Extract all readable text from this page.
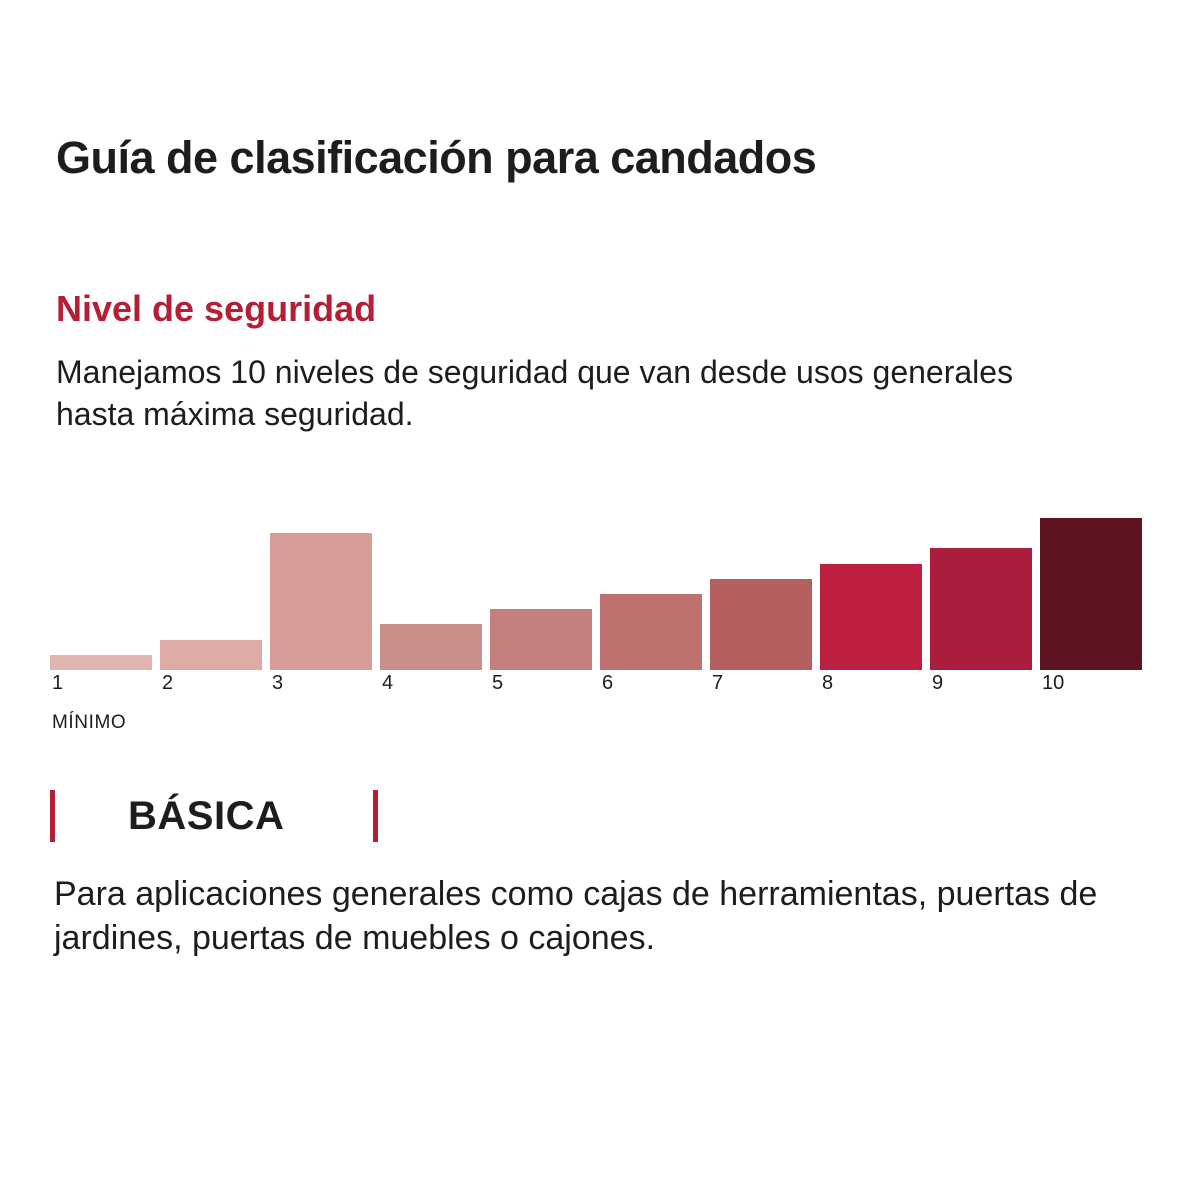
Guía de clasificación para candados
Nivel de seguridad
Manejamos 10 niveles de seguridad que van desde usos generales hasta máxima seguridad.
1	2	3	4	5	6	7	8	9	10
MÍNIMO
BÁSICA
Para aplicaciones generales como cajas de herramientas, puertas de jardines, puertas de muebles o cajones.
